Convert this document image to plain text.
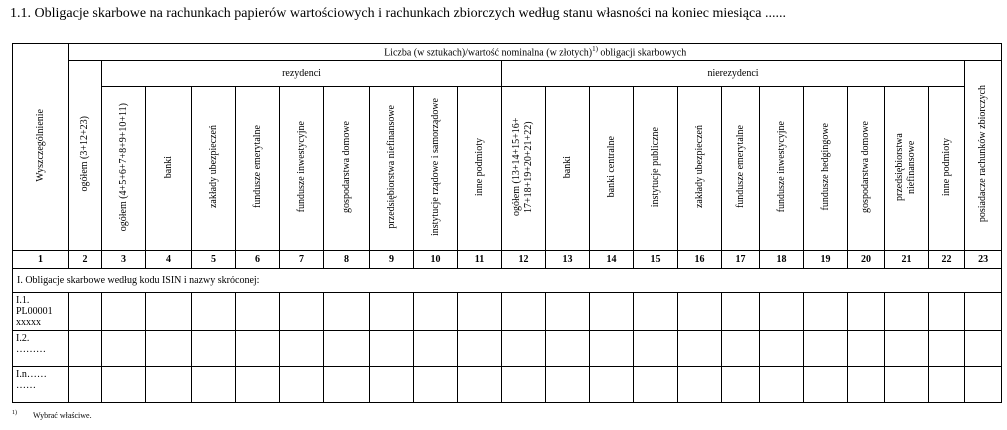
1.1. Obligacje skarbowe na rachunkach papierów wartościowych i rachunkach zbiorczych według stanu własności na koniec miesiąca ......
Wyszczególnienie	Liczba (w sztukach)/wartość nominalna (w złotych)$^{1)}$ obligacji skarbowych																					
	ogółem (3+12+23)	rezydenci									nierezydenci											posiadacze rachunków zbiorczych
		ogółem (4+5+6+7+8+9+10+11)	banki	zakłady ubezpieczeń	fundusze emerytalne	fundusze inwestycyjne	gospodarstwa domowe	przedsiębiorstwa niefinansowe	instytucje rządowe i samorządowe	inne podmioty	ogółem (13+14+15+16+ 17+18+19+20+21+22)	banki	banki centralne	instytucje publiczne	zakłady ubezpieczeń	fundusze emerytalne	fundusze inwestycyjne	fundusze hedgingowe	gospodarstwa domowe	przedsiębiorstwa niefinansowe	inne podmioty	
1	2	3	4	5	6	7	8	9	10	11	12	13	14	15	16	17	18	19	20	21	22	23
I. Obligacje skarbowe według kodu ISIN i nazwy skróconej:																						

I.1.
PL00001
xxxxx																						

I.2.
………																						

I.n……
……																						

$^{1)}$ Wybrać właściwe.
